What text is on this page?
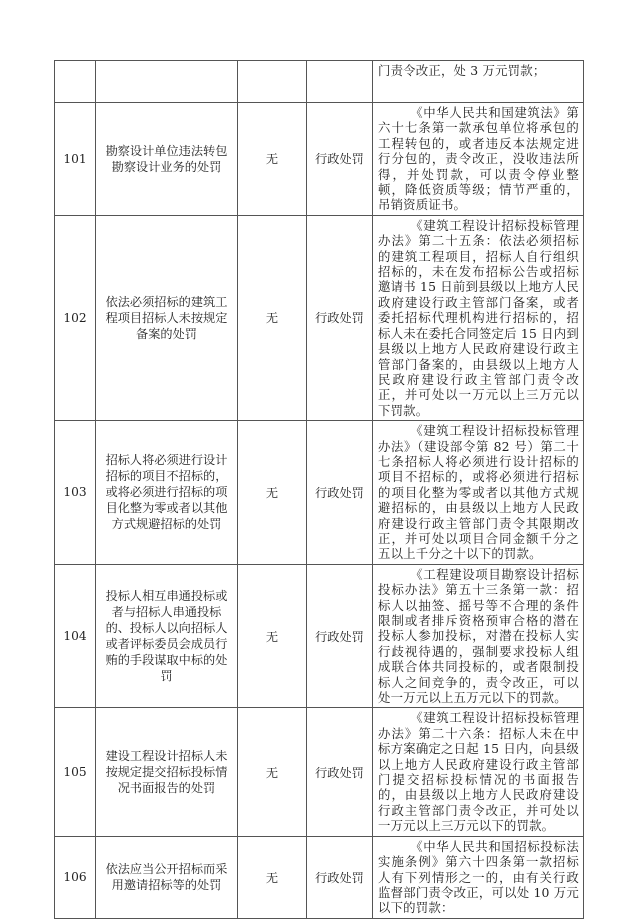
				门责令改正，处 3 万元罚款；

101	勘察设计单位违法转包勘察设计业务的处罚	无	行政处罚	《中华人民共和国建筑法》第六十七条第一款承包单位将承包的工程转包的，或者违反本法规定进行分包的，责令改正，没收违法所得，并处罚款，可以责令停业整顿，降低资质等级；情节严重的，吊销资质证书。

102	依法必须招标的建筑工程项目招标人未按规定备案的处罚	无	行政处罚	《建筑工程设计招标投标管理办法》第二十五条：依法必须招标的建筑工程项目，招标人自行组织招标的，未在发布招标公告或招标邀请书 15 日前到县级以上地方人民政府建设行政主管部门备案，或者委托招标代理机构进行招标的，招标人未在委托合同签定后 15 日内到县级以上地方人民政府建设行政主管部门备案的，由县级以上地方人民政府建设行政主管部门责令改正，并可处以一万元以上三万元以下罚款。

103	招标人将必须进行设计招标的项目不招标的，或将必须进行招标的项目化整为零或者以其他方式规避招标的处罚	无	行政处罚	《建筑工程设计招标投标管理办法》（建设部令第 82 号）第二十七条招标人将必须进行设计招标的项目不招标的，或将必须进行招标的项目化整为零或者以其他方式规避招标的，由县级以上地方人民政府建设行政主管部门责令其限期改正，并可处以项目合同金额千分之五以上千分之十以下的罚款。

104	投标人相互串通投标或者与招标人串通投标的、投标人以向招标人或者评标委员会成员行贿的手段谋取中标的处罚	无	行政处罚	《工程建设项目勘察设计招标投标办法》第五十三条第一款：招标人以抽签、摇号等不合理的条件限制或者排斥资格预审合格的潜在投标人参加投标，对潜在投标人实行歧视待遇的，强制要求投标人组成联合体共同投标的，或者限制投标人之间竞争的，责令改正，可以处一万元以上五万元以下的罚款。

105	建设工程设计招标人未按规定提交招标投标情况书面报告的处罚	无	行政处罚	《建筑工程设计招标投标管理办法》第二十六条：招标人未在中标方案确定之日起 15 日内，向县级以上地方人民政府建设行政主管部门提交招标投标情况的书面报告的，由县级以上地方人民政府建设行政主管部门责令改正，并可处以一万元以上三万元以下的罚款。

106	依法应当公开招标而采用邀请招标等的处罚	无	行政处罚	《中华人民共和国招标投标法实施条例》第六十四条第一款招标人有下列情形之一的，由有关行政监督部门责令改正，可以处 10 万元以下的罚款：
